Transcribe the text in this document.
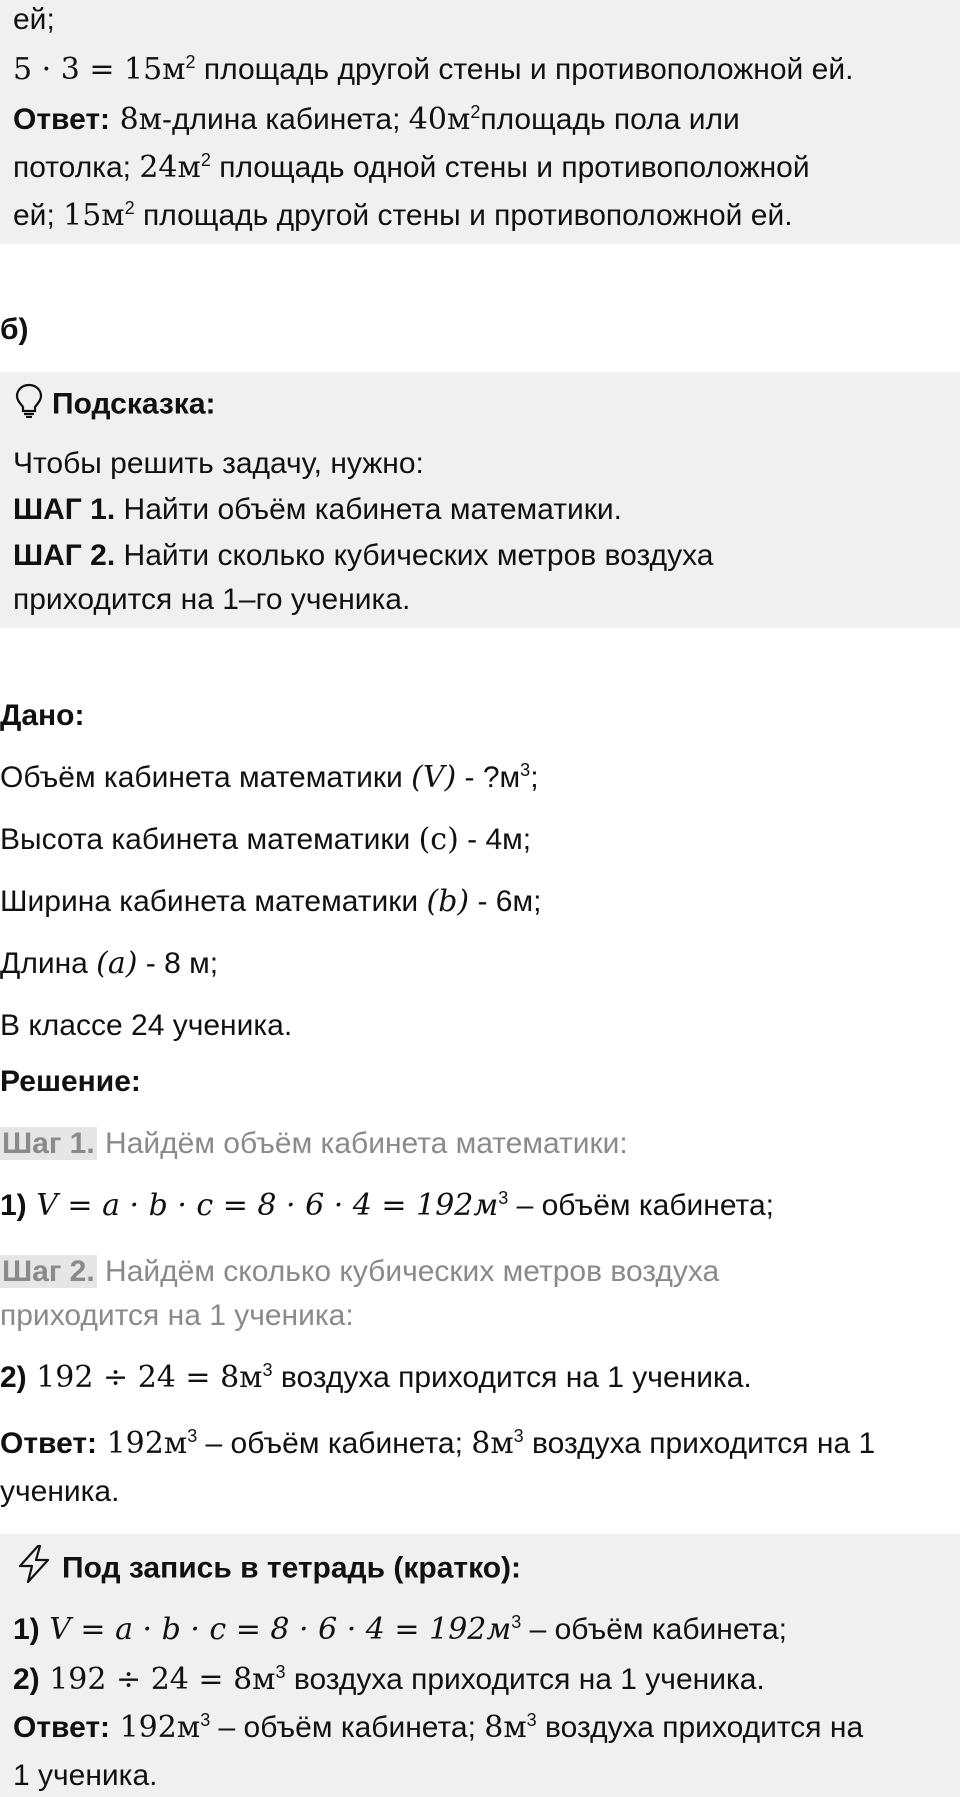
ей;
$5 \cdot 3 = 15м^2$ площадь другой стены и противоположной ей.
Ответ: 8м-длина кабинета; $40м^2площадь$ пола или
потолка; $24м^2$ площадь одной стены и противоположной
ей; $15м^2$ площадь другой стены и противоположной ей.
б)
Подсказка:
Чтобы решить задачу, нужно:
ШАГ 1. Найти объём кабинета математики.
ШАГ 2. Найти сколько кубических метров воздуха
приходится на 1–го ученика.
Дано:
Объём кабинета математики $(V) - ?м^3$;
Высота кабинета математики (c) - 4м;
Ширина кабинета математики (b) - 6м;
Длина (a) - 8 м;
В классе 24 ученика.
Решение:
Шаг 1. Найдём объём кабинета математики:
1) $V = a \cdot b \cdot c = 8 \cdot 6 \cdot 4 = 192м^3$ – объём кабинета;
Шаг 2. Найдём сколько кубических метров воздуха
приходится на 1 ученика:
2) $192 \div 24 = 8м^3$ воздуха приходится на 1 ученика.
Ответ: $192м^3$ – объём кабинета; $8м^3$ воздуха приходится на 1
ученика.
Под запись в тетрадь (кратко):
1) $V = a \cdot b \cdot c = 8 \cdot 6 \cdot 4 = 192м^3$ – объём кабинета;
2) $192 \div 24 = 8м^3$ воздуха приходится на 1 ученика.
Ответ: $192м^3$ – объём кабинета; $8м^3$ воздуха приходится на
1 ученика.
